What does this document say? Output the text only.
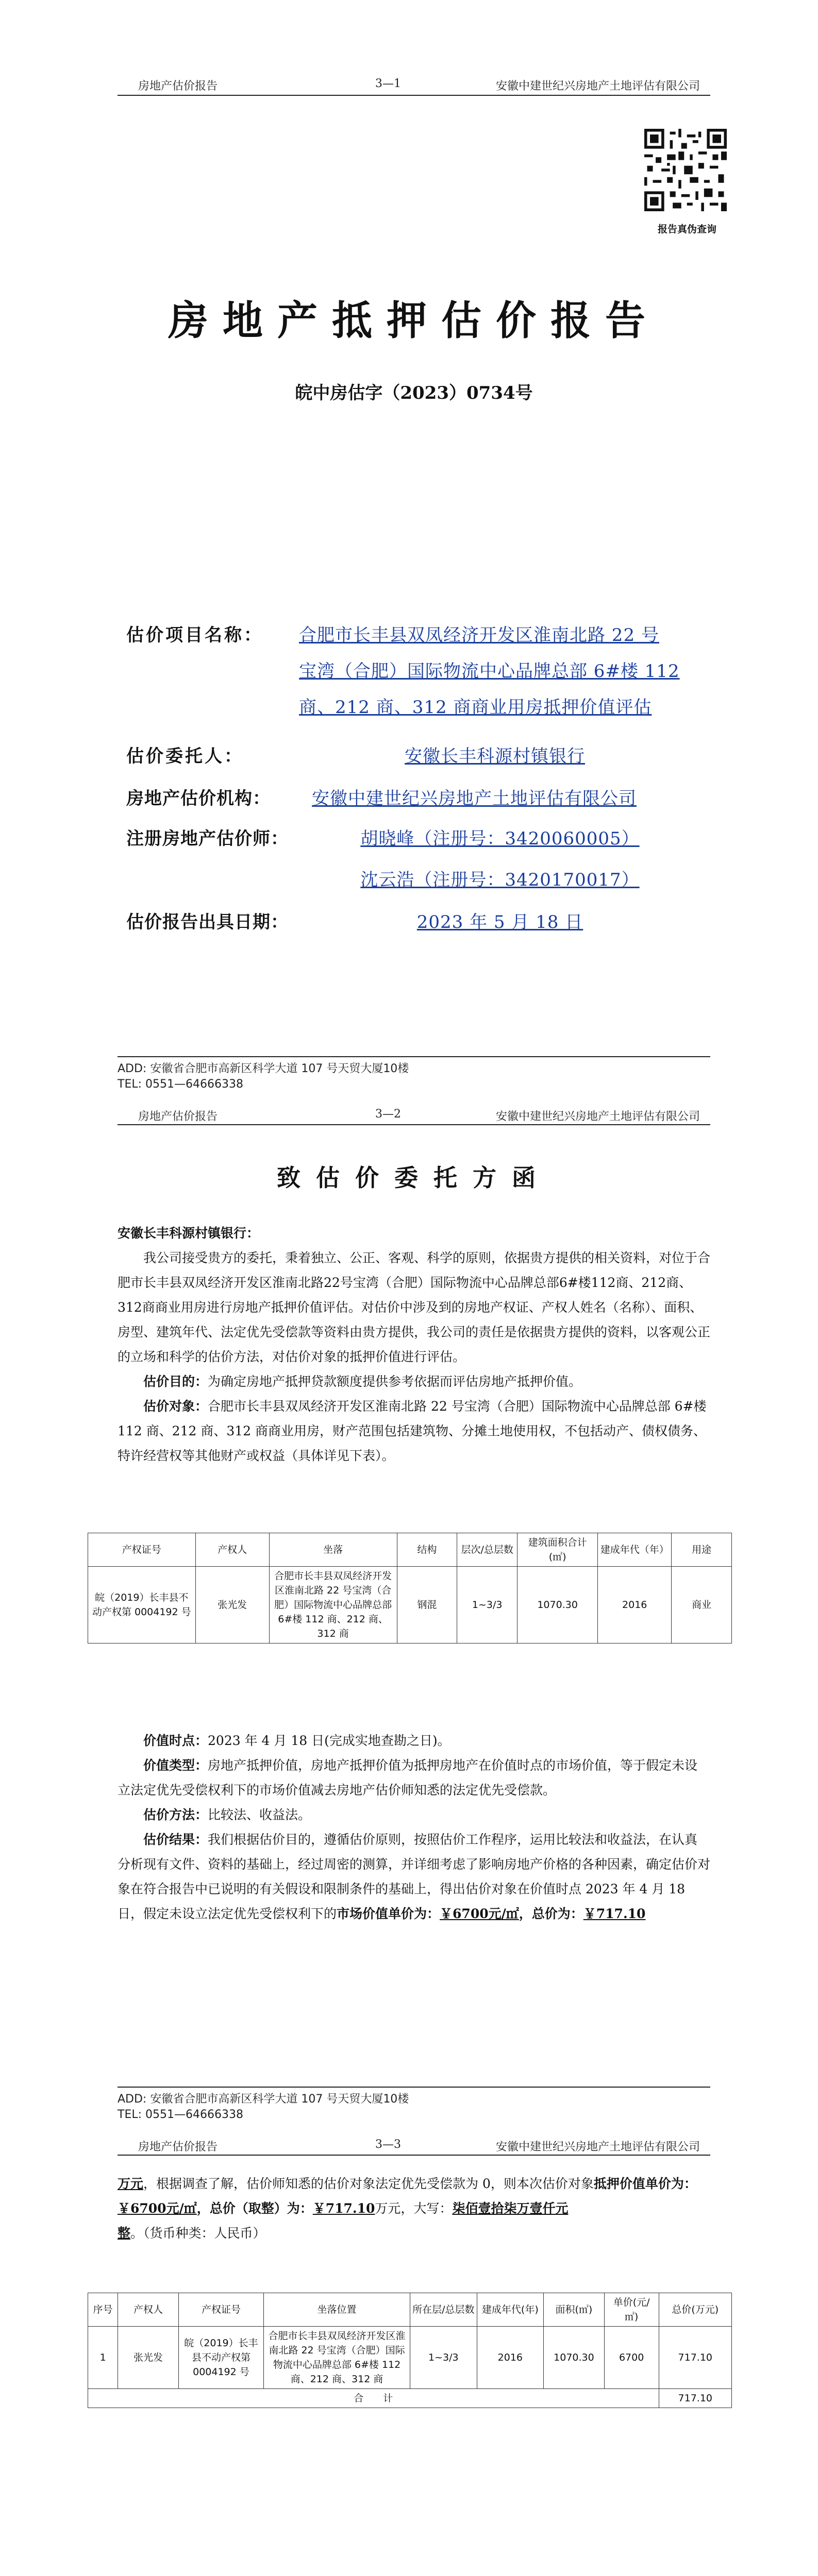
房地产估价报告	3—1	安徽中建世纪兴房地产土地评估有限公司
报告真伪查询
房地产抵押估价报告
皖中房估字（2023）0734号
估价项目名称： 合肥市长丰县双凤经济开发区淮南北路 22 号
宝湾（合肥）国际物流中心品牌总部 6#楼 112
商、212 商、312 商商业用房抵押价值评估
估价委托人：	安徽长丰科源村镇银行
房地产估价机构： 安徽中建世纪兴房地产土地评估有限公司
注册房地产估价师：	胡晓峰（注册号：3420060005）
沈云浩（注册号：3420170017）
估价报告出具日期：	2023 年 5 月 18 日
ADD: 安徽省合肥市高新区科学大道 107 号天贸大厦10楼
TEL: 0551—64666338
房地产估价报告	3—2	安徽中建世纪兴房地产土地评估有限公司
致估价委托方函
安徽长丰科源村镇银行：
我公司接受贵方的委托，秉着独立、公正、客观、科学的原则，依据贵方提供的相关资料，对位于合肥市长丰县双凤经济开发区淮南北路22号宝湾（合肥）国际物流中心品牌总部6#楼112商、212商、312商商业用房进行房地产抵押价值评估。对估价中涉及到的房地产权证、产权人姓名（名称）、面积、房型、建筑年代、法定优先受偿款等资料由贵方提供，我公司的责任是依据贵方提供的资料，以客观公正的立场和科学的估价方法，对估价对象的抵押价值进行评估。
估价目的：为确定房地产抵押贷款额度提供参考依据而评估房地产抵押价值。
估价对象：合肥市长丰县双凤经济开发区淮南北路 22 号宝湾（合肥）国际物流中心品牌总部 6#楼 112 商、212 商、312 商商业用房，财产范围包括建筑物、分摊土地使用权，不包括动产、债权债务、特许经营权等其他财产或权益（具体详见下表）。
产权证号	产权人	坐落	结构	层次/总层数	建筑面积合计(㎡)	建成年代（年）	用途
皖（2019）长丰县不动产权第 0004192 号	张光发	合肥市长丰县双凤经济开发区淮南北路 22 号宝湾（合肥）国际物流中心品牌总部 6#楼 112 商、212 商、312 商	钢混	1~3/3	1070.30	2016	商业
价值时点：2023 年 4 月 18 日(完成实地查勘之日)。
价值类型：房地产抵押价值，房地产抵押价值为抵押房地产在价值时点的市场价值，等于假定未设立法定优先受偿权利下的市场价值减去房地产估价师知悉的法定优先受偿款。
估价方法：比较法、收益法。
估价结果：我们根据估价目的，遵循估价原则，按照估价工作程序，运用比较法和收益法，在认真分析现有文件、资料的基础上，经过周密的测算，并详细考虑了影响房地产价格的各种因素，确定估价对象在符合报告中已说明的有关假设和限制条件的基础上，得出估价对象在价值时点 2023 年 4 月 18 日，假定未设立法定优先受偿权利下的市场价值单价为：￥6700元/㎡，总价为：￥717.10
ADD: 安徽省合肥市高新区科学大道 107 号天贸大厦10楼
TEL: 0551—64666338
房地产估价报告	3—3	安徽中建世纪兴房地产土地评估有限公司
万元，根据调查了解，估价师知悉的估价对象法定优先受偿款为 0，则本次估价对象抵押价值单价为：￥6700元/㎡，总价（取整）为：￥717.10万元，大写：柒佰壹拾柒万壹仟元整。（货币种类：人民币）
序号	产权人	产权证号	坐落位置	所在层/总层数	建成年代(年)	面积(㎡)	单价(元/㎡)	总价(万元)
1	张光发	皖（2019）长丰县不动产权第 0004192 号	合肥市长丰县双凤经济开发区淮南北路 22 号宝湾（合肥）国际物流中心品牌总部 6#楼 112 商、212 商、312 商	1~3/3	2016	1070.30	6700	717.10
合　　计								717.10
